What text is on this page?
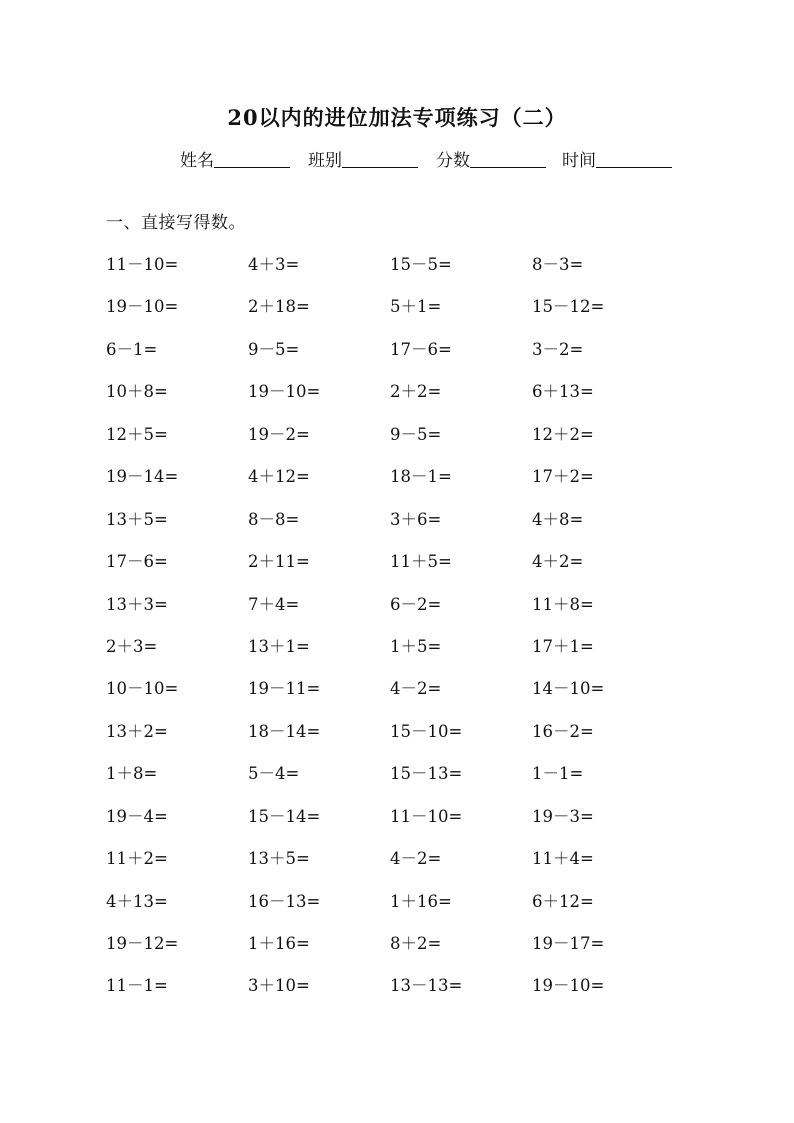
20以内的进位加法专项练习（二）
姓名	班别	分数	时间
一、直接写得数。
11－10=	4＋3=	15－5=	8－3=
19－10=	2＋18=	5＋1=	15－12=
6－1=	9－5=	17－6=	3－2=
10＋8=	19－10=	2＋2=	6＋13=
12＋5=	19－2=	9－5=	12＋2=
19－14=	4＋12=	18－1=	17＋2=
13＋5=	8－8=	3＋6=	4＋8=
17－6=	2＋11=	11＋5=	4＋2=
13＋3=	7＋4=	6－2=	11＋8=
2＋3=	13＋1=	1＋5=	17＋1=
10－10=	19－11=	4－2=	14－10=
13＋2=	18－14=	15－10=	16－2=
1＋8=	5－4=	15－13=	1－1=
19－4=	15－14=	11－10=	19－3=
11＋2=	13＋5=	4－2=	11＋4=
4＋13=	16－13=	1＋16=	6＋12=
19－12=	1＋16=	8＋2=	19－17=
11－1=	3＋10=	13－13=	19－10=
